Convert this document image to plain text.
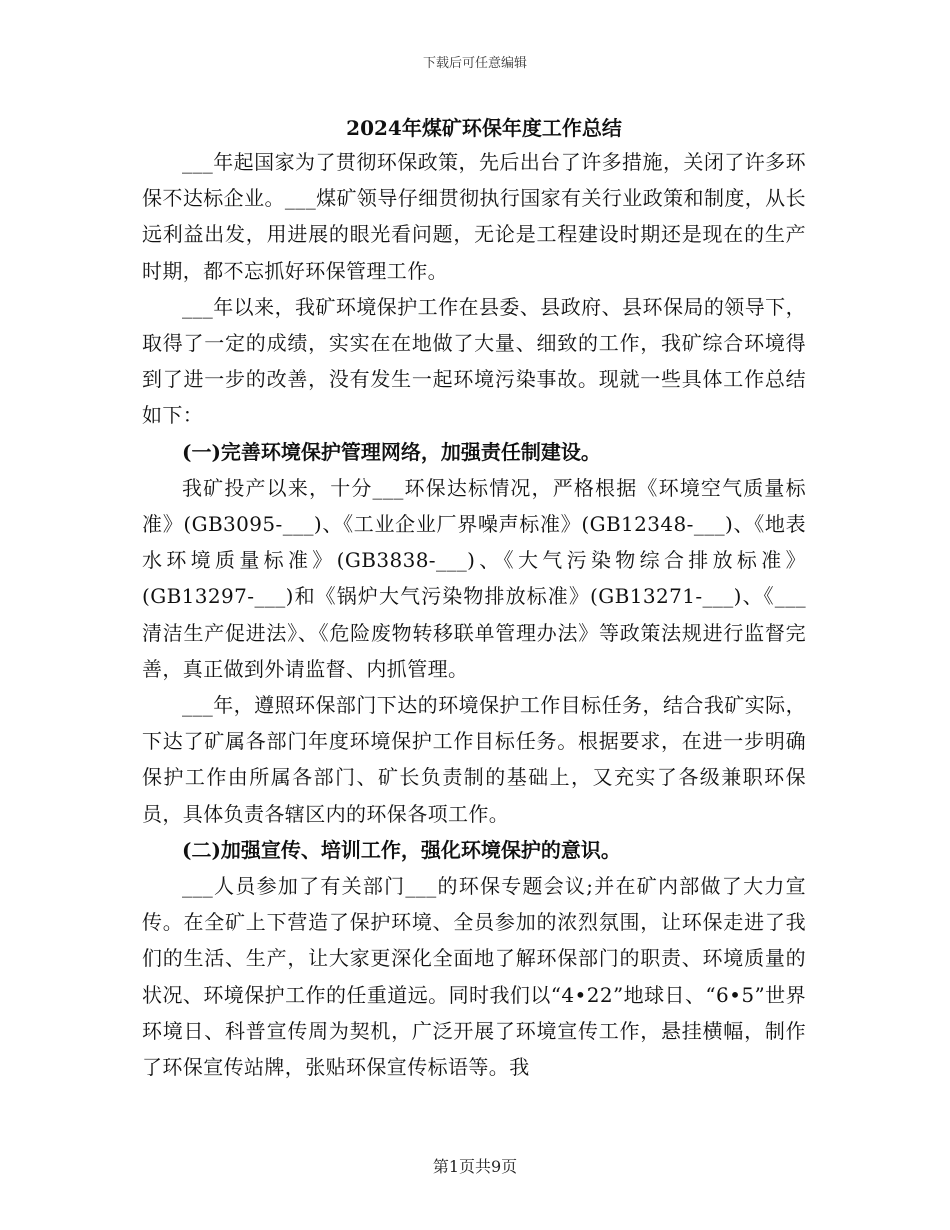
下载后可任意编辑
2024年煤矿环保年度工作总结

___年起国家为了贯彻环保政策，先后出台了许多措施，关闭了许多环保不达标企业。___煤矿领导仔细贯彻执行国家有关行业政策和制度，从长远利益出发，用进展的眼光看问题，无论是工程建设时期还是现在的生产时期，都不忘抓好环保管理工作。

___年以来，我矿环境保护工作在县委、县政府、县环保局的领导下，取得了一定的成绩，实实在在地做了大量、细致的工作，我矿综合环境得到了进一步的改善，没有发生一起环境污染事故。现就一些具体工作总结如下：

(一)完善环境保护管理网络，加强责任制建设。

我矿投产以来，十分___环保达标情况，严格根据《环境空气质量标准》(GB3095-___)、《工业企业厂界噪声标准》(GB12348-___)、《地表水环境质量标准》(GB3838-___)、《大气污染物综合排放标准》(GB13297-___)和《锅炉大气污染物排放标准》(GB13271-___)、《___清洁生产促进法》、《危险废物转移联单管理办法》等政策法规进行监督完善，真正做到外请监督、内抓管理。

___年，遵照环保部门下达的环境保护工作目标任务，结合我矿实际，下达了矿属各部门年度环境保护工作目标任务。根据要求，在进一步明确保护工作由所属各部门、矿长负责制的基础上，又充实了各级兼职环保员，具体负责各辖区内的环保各项工作。

(二)加强宣传、培训工作，强化环境保护的意识。

___人员参加了有关部门___的环保专题会议;并在矿内部做了大力宣传。在全矿上下营造了保护环境、全员参加的浓烈氛围，让环保走进了我们的生活、生产，让大家更深化全面地了解环保部门的职责、环境质量的状况、环境保护工作的任重道远。同时我们以“4•22”地球日、“6•5”世界环境日、科普宣传周为契机，广泛开展了环境宣传工作，悬挂横幅，制作了环保宣传站牌，张贴环保宣传标语等。我

第1页共9页
